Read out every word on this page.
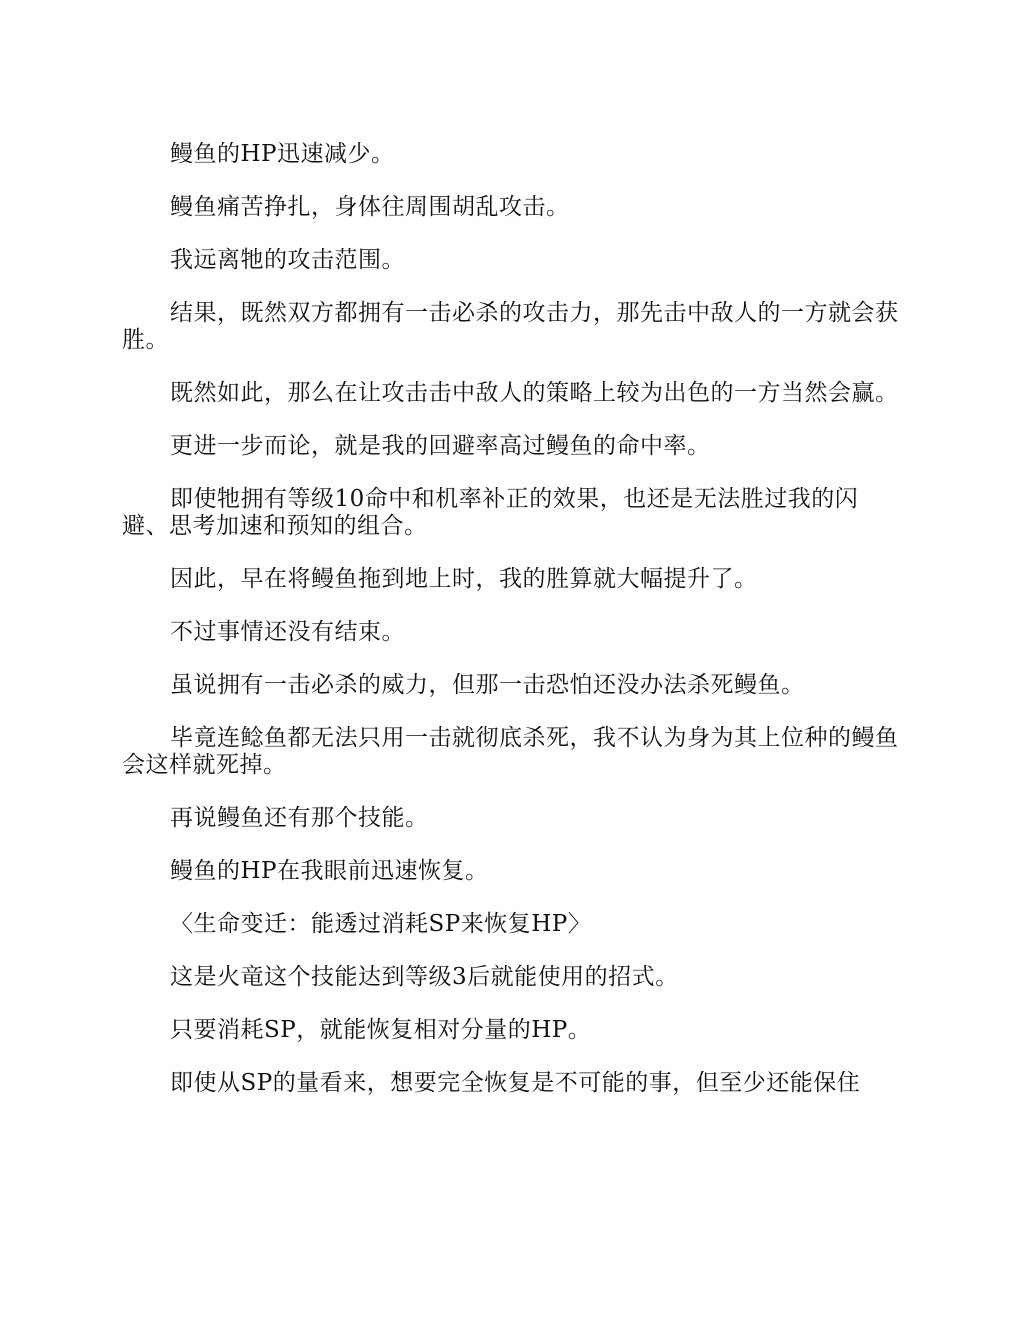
鳗鱼的HP迅速减少。

鳗鱼痛苦挣扎，身体往周围胡乱攻击。

我远离牠的攻击范围。

结果，既然双方都拥有一击必杀的攻击力，那先击中敌人的一方就会获胜。

既然如此，那么在让攻击击中敌人的策略上较为出色的一方当然会赢。

更进一步而论，就是我的回避率高过鳗鱼的命中率。

即使牠拥有等级10命中和机率补正的效果，也还是无法胜过我的闪避、思考加速和预知的组合。

因此，早在将鳗鱼拖到地上时，我的胜算就大幅提升了。

不过事情还没有结束。

虽说拥有一击必杀的威力，但那一击恐怕还没办法杀死鳗鱼。

毕竟连鲶鱼都无法只用一击就彻底杀死，我不认为身为其上位种的鳗鱼会这样就死掉。

再说鳗鱼还有那个技能。

鳗鱼的HP在我眼前迅速恢复。

〈生命变迁：能透过消耗SP来恢复HP〉

这是火竜这个技能达到等级3后就能使用的招式。

只要消耗SP，就能恢复相对分量的HP。

即使从SP的量看来，想要完全恢复是不可能的事，但至少还能保住
